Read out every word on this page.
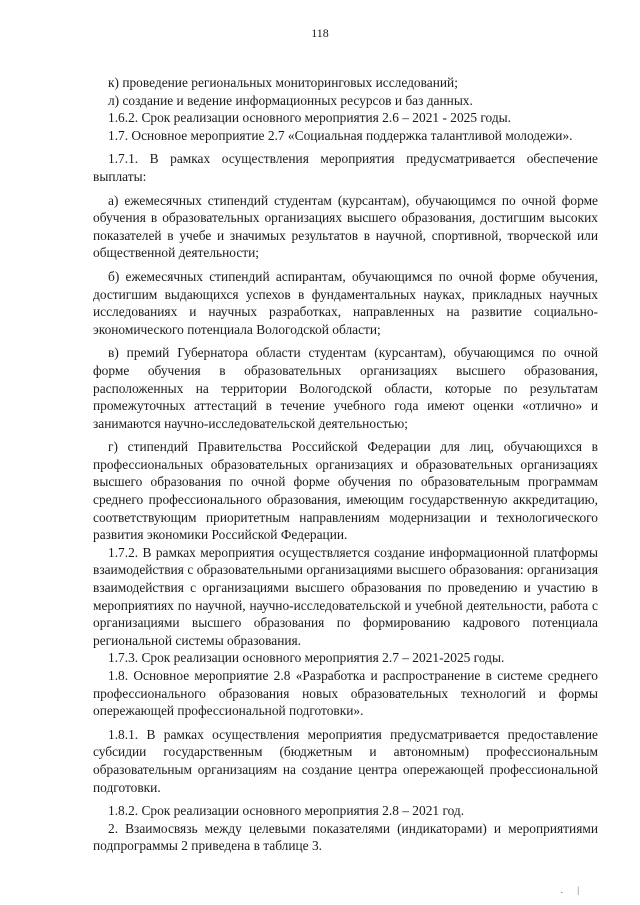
118

к) проведение региональных мониторинговых исследований;

л) создание и ведение информационных ресурсов и баз данных.

1.6.2. Срок реализации основного мероприятия 2.6 – 2021 - 2025 годы.

1.7. Основное мероприятие 2.7 «Социальная поддержка талантливой молодежи».

1.7.1. В рамках осуществления мероприятия предусматривается обеспечение выплаты:

а) ежемесячных стипендий студентам (курсантам), обучающимся по очной форме обучения в образовательных организациях высшего образования, достигшим высоких показателей в учебе и значимых результатов в научной, спортивной, творческой или общественной деятельности;

б) ежемесячных стипендий аспирантам, обучающимся по очной форме обучения, достигшим выдающихся успехов в фундаментальных науках, прикладных научных исследованиях и научных разработках, направленных на развитие социально-экономического потенциала Вологодской области;

в) премий Губернатора области студентам (курсантам), обучающимся по очной форме обучения в образовательных организациях высшего образования, расположенных на территории Вологодской области, которые по результатам промежуточных аттестаций в течение учебного года имеют оценки «отлично» и занимаются научно-исследовательской деятельностью;

г) стипендий Правительства Российской Федерации для лиц, обучающихся в профессиональных образовательных организациях и образовательных организациях высшего образования по очной форме обучения по образовательным программам среднего профессионального образования, имеющим государственную аккредитацию, соответствующим приоритетным направлениям модернизации и технологического развития экономики Российской Федерации.

1.7.2. В рамках мероприятия осуществляется создание информационной платформы взаимодействия с образовательными организациями высшего образования: организация взаимодействия с организациями высшего образования по проведению и участию в мероприятиях по научной, научно-исследовательской и учебной деятельности, работа с организациями высшего образования по формированию кадрового потенциала региональной системы образования.

1.7.3. Срок реализации основного мероприятия 2.7 – 2021-2025 годы.

1.8. Основное мероприятие 2.8 «Разработка и распространение в системе среднего профессионального образования новых образовательных технологий и формы опережающей профессиональной подготовки».

1.8.1. В рамках осуществления мероприятия предусматривается предоставление субсидии государственным (бюджетным и автономным) профессиональным образовательным организациям на создание центра опережающей профессиональной подготовки.

1.8.2. Срок реализации основного мероприятия 2.8 – 2021 год.

2. Взаимосвязь между целевыми показателями (индикаторами) и мероприятиями подпрограммы 2 приведена в таблице 3.

. |
